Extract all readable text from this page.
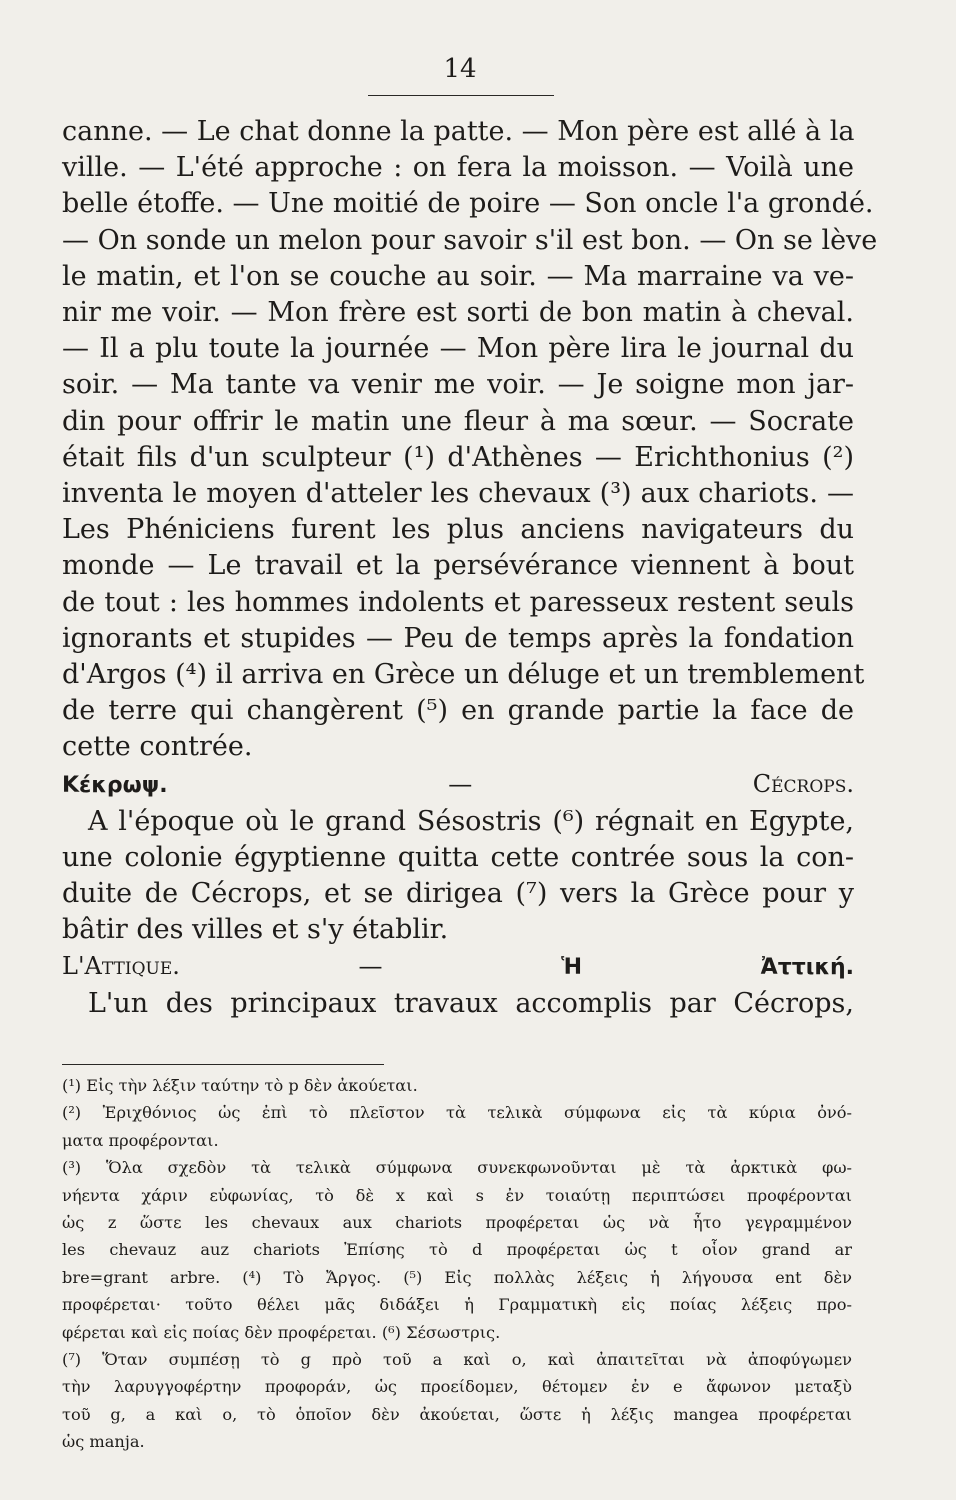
14
canne. — Le chat donne la patte. — Mon père est allé à la
ville. — L'été approche : on fera la moisson. — Voilà une
belle étoffe. — Une moitié de poire — Son oncle l'a grondé.
— On sonde un melon pour savoir s'il est bon. — On se lève
le matin, et l'on se couche au soir. — Ma marraine va ve-
nir me voir. — Mon frère est sorti de bon matin à cheval.
— Il a plu toute la journée — Mon père lira le journal du
soir. — Ma tante va venir me voir. — Je soigne mon jar-
din pour offrir le matin une fleur à ma sœur. — Socrate
était fils d'un sculpteur (¹) d'Athènes — Erichthonius (²)
inventa le moyen d'atteler les chevaux (³) aux chariots. —
Les Phéniciens furent les plus anciens navigateurs du
monde — Le travail et la persévérance viennent à bout
de tout : les hommes indolents et paresseux restent seuls
ignorants et stupides — Peu de temps après la fondation
d'Argos (⁴) il arriva en Grèce un déluge et un tremblement
de terre qui changèrent (⁵) en grande partie la face de
cette contrée.
Κέκρωψ.	—	Cécrops.
A l'époque où le grand Sésostris (⁶) régnait en Egypte,
une colonie égyptienne quitta cette contrée sous la con-
duite de Cécrops, et se dirigea (⁷) vers la Grèce pour y
bâtir des villes et s'y établir.
L'Attique.	—	Ἡ Ἀττική.
L'un des principaux travaux accomplis par Cécrops,
(¹) Εἰς τὴν λέξιν ταύτην τὸ p δὲν ἀκούεται.
(²) Ἐριχθόνιος ὡς ἐπὶ τὸ πλεῖστον τὰ τελικὰ σύμφωνα εἰς τὰ κύρια ὀνό-
ματα προφέρονται.
(³) Ὅλα σχεδὸν τὰ τελικὰ σύμφωνα συνεκφωνοῦνται μὲ τὰ ἀρκτικὰ φω-
νήεντα χάριν εὐφωνίας, τὸ δὲ x καὶ s ἐν τοιαύτῃ περιπτώσει προφέρονται
ὡς z ὥστε les chevaux aux chariots προφέρεται ὡς νὰ ἦτο γεγραμμένον
les chevauz auz chariots Ἐπίσης τὸ d προφέρεται ὡς t οἷον grand ar
bre=grant arbre. (⁴) Τὸ Ἄργος. (⁵) Εἰς πολλὰς λέξεις ἡ λήγουσα ent δὲν
προφέρεται· τοῦτο θέλει μᾶς διδάξει ἡ Γραμματικὴ εἰς ποίας λέξεις προ-
φέρεται καὶ εἰς ποίας δὲν προφέρεται. (⁶) Σέσωστρις.
(⁷) Ὅταν συμπέσῃ τὸ g πρὸ τοῦ a καὶ o, καὶ ἀπαιτεῖται νὰ ἀποφύγωμεν
τὴν λαρυγγοφέρτην προφοράν, ὡς προείδομεν, θέτομεν ἐν e ἄφωνον μεταξὺ
τοῦ g, a καὶ o, τὸ ὁποῖον δὲν ἀκούεται, ὥστε ἡ λέξις mangea προφέρεται
ὡς manja.
